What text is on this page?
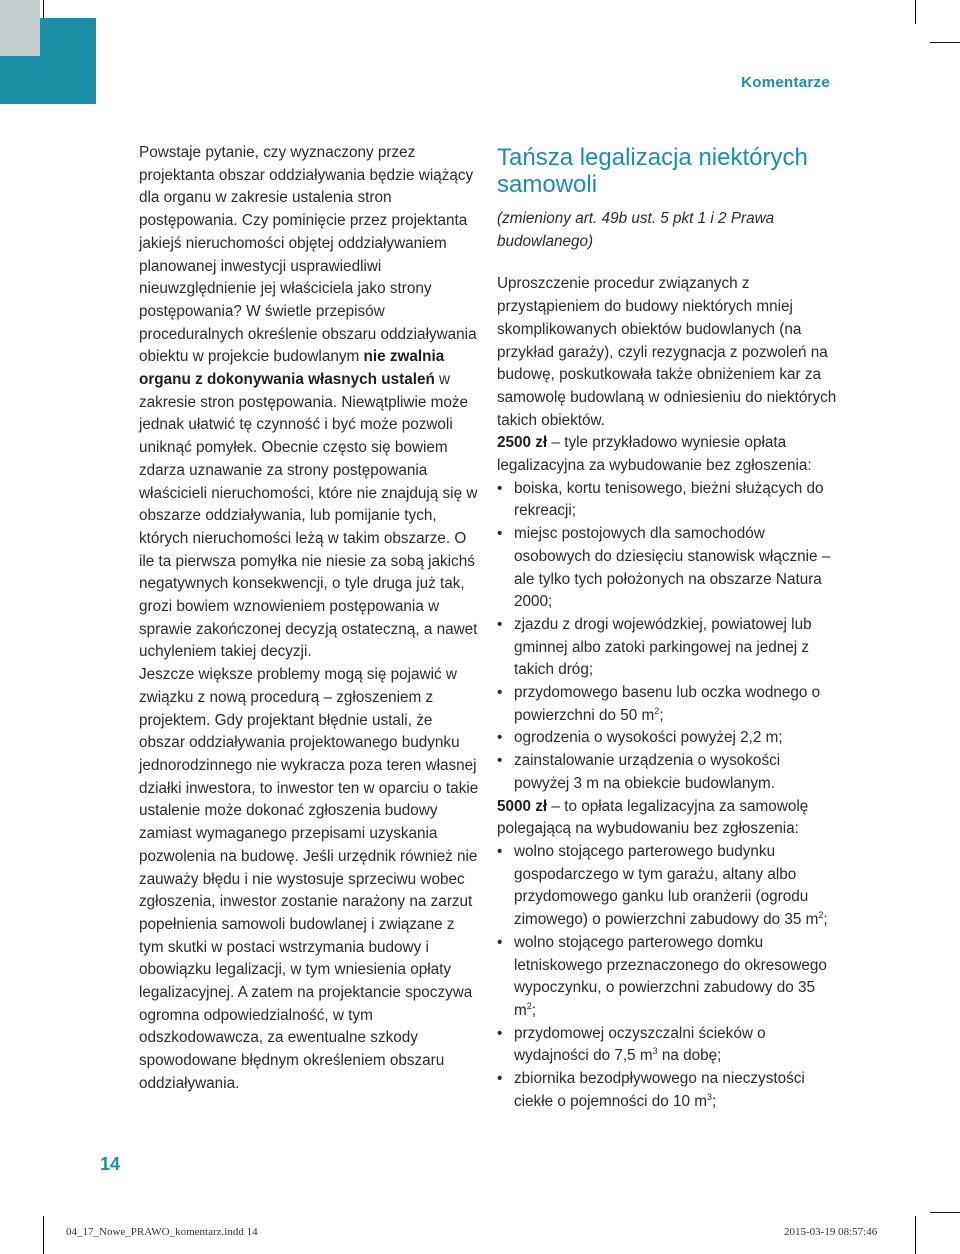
Komentarze

Powstaje pytanie, czy wyznaczony przez projektanta obszar oddziaływania będzie wiążący dla organu w zakresie ustalenia stron postępowania. Czy pominięcie przez projektanta jakiejś nieruchomości objętej oddziaływaniem planowanej inwestycji usprawiedliwi nieuwzględnienie jej właściciela jako strony postępowania? W świetle przepisów proceduralnych określenie obszaru oddziaływania obiektu w projekcie budowlanym nie zwalnia organu z dokonywania własnych ustaleń w zakresie stron postępowania. Niewątpliwie może jednak ułatwić tę czynność i być może pozwoli uniknąć pomyłek. Obecnie często się bowiem zdarza uznawanie za strony postępowania właścicieli nieruchomości, które nie znajdują się w obszarze oddziaływania, lub pomijanie tych, których nieruchomości leżą w takim obszarze. O ile ta pierwsza pomyłka nie niesie za sobą jakichś negatywnych konsekwencji, o tyle druga już tak, grozi bowiem wznowieniem postępowania w sprawie zakończonej decyzją ostateczną, a nawet uchyleniem takiej decyzji.

Jeszcze większe problemy mogą się pojawić w związku z nową procedurą – zgłoszeniem z projektem. Gdy projektant błędnie ustali, że obszar oddziaływania projektowanego budynku jednorodzinnego nie wykracza poza teren własnej działki inwestora, to inwestor ten w oparciu o takie ustalenie może dokonać zgłoszenia budowy zamiast wymaganego przepisami uzyskania pozwolenia na budowę. Jeśli urzędnik również nie zauważy błędu i nie wystosuje sprzeciwu wobec zgłoszenia, inwestor zostanie narażony na zarzut popełnienia samowoli budowlanej i związane z tym skutki w postaci wstrzymania budowy i obowiązku legalizacji, w tym wniesienia opłaty legalizacyjnej. A zatem na projektancie spoczywa ogromna odpowiedzialność, w tym odszkodowawcza, za ewentualne szkody spowodowane błędnym określeniem obszaru oddziaływania.

Tańsza legalizacja niektórych samowoli

(zmieniony art. 49b ust. 5 pkt 1 i 2 Prawa budowlanego)

Uproszczenie procedur związanych z przystąpieniem do budowy niektórych mniej skomplikowanych obiektów budowlanych (na przykład garaży), czyli rezygnacja z pozwoleń na budowę, poskutkowała także obniżeniem kar za samowolę budowlaną w odniesieniu do niektórych takich obiektów.

2500 zł – tyle przykładowo wyniesie opłata legalizacyjna za wybudowanie bez zgłoszenia:

• boiska, kortu tenisowego, bieżni służących do rekreacji;
• miejsc postojowych dla samochodów osobowych do dziesięciu stanowisk włącznie – ale tylko tych położonych na obszarze Natura 2000;
• zjazdu z drogi wojewódzkiej, powiatowej lub gminnej albo zatoki parkingowej na jednej z takich dróg;
• przydomowego basenu lub oczka wodnego o powierzchni do 50 $m^2$;
• ogrodzenia o wysokości powyżej 2,2 m;
• zainstalowanie urządzenia o wysokości powyżej 3 m na obiekcie budowlanym.

5000 zł – to opłata legalizacyjna za samowolę polegającą na wybudowaniu bez zgłoszenia:

• wolno stojącego parterowego budynku gospodarczego w tym garażu, altany albo przydomowego ganku lub oranżerii (ogrodu zimowego) o powierzchni zabudowy do 35 $m^2$;
• wolno stojącego parterowego domku letniskowego przeznaczonego do okresowego wypoczynku, o powierzchni zabudowy do 35 $m^2$;
• przydomowej oczyszczalni ścieków o wydajności do 7,5 $m^3$ na dobę;
• zbiornika bezodpływowego na nieczystości ciekłe o pojemności do 10 $m^3$;
14
04_17_Nowe_PRAWO_komentarz.indd 14	2015-03-19 08:57:46
